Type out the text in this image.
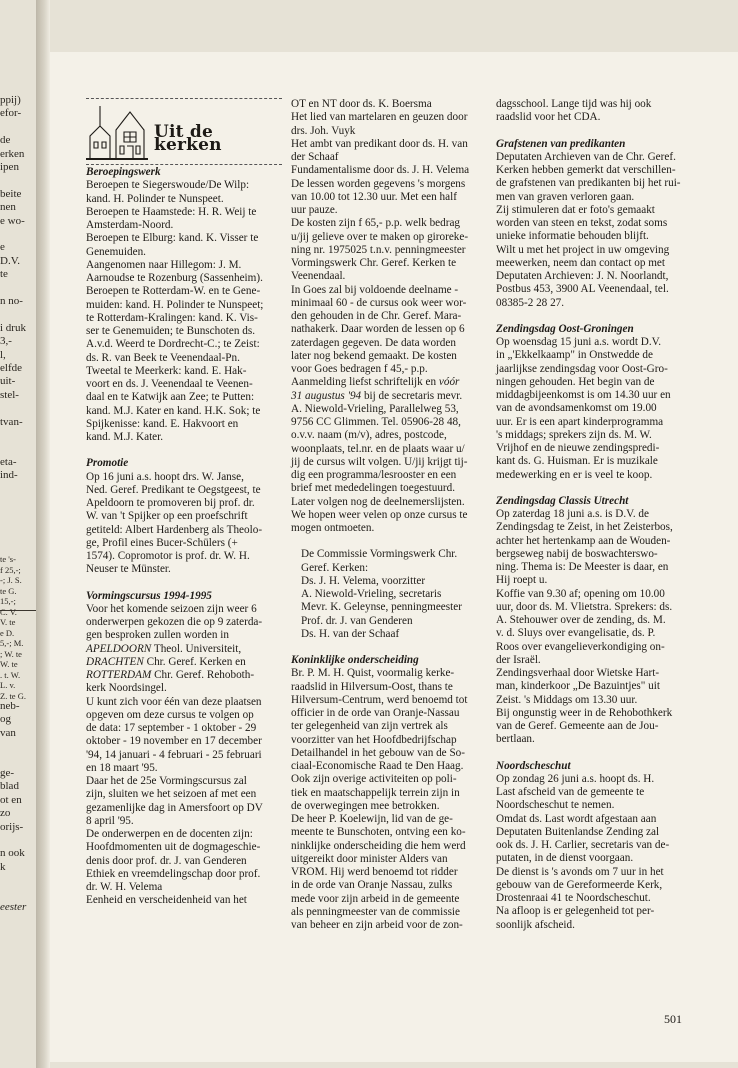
ppij)
efor-
de
erken
ipen
beite
nen
e wo-
e
D.V.
te
n no-
i druk
3,-
l,
elfde
uit-
stel-
tvan-
eta-
ind-
te 's-
f 25,-;
-; J. S.
te G.
15,-;
C. V.
V. te
e D.
5,-; M.
; W. te
W. te
. t. W.
L. v.
Z. te G.
neb-
og
van
ge-
blad
ot en
zo
orijs-
n ook
k
eester
Uit de kerken

Beroepingswerk

Beroepen te Siegerswoude/De Wilp:

kand. H. Polinder te Nunspeet.

Beroepen te Haamstede: H. R. Weij te

Amsterdam-Noord.

Beroepen te Elburg: kand. K. Visser te

Genemuiden.

Aangenomen naar Hillegom: J. M.

Aarnoudse te Rozenburg (Sassenheim).

Beroepen te Rotterdam-W. en te Gene-

muiden: kand. H. Polinder te Nunspeet;

te Rotterdam-Kralingen: kand. K. Vis-

ser te Genemuiden; te Bunschoten ds.

A.v.d. Weerd te Dordrecht-C.; te Zeist:

ds. R. van Beek te Veenendaal-Pn.

Tweetal te Meerkerk: kand. E. Hak-

voort en ds. J. Veenendaal te Veenen-

daal en te Katwijk aan Zee; te Putten:

kand. M.J. Kater en kand. H.K. Sok; te

Spijkenisse: kand. E. Hakvoort en

kand. M.J. Kater.

Promotie

Op 16 juni a.s. hoopt drs. W. Janse,

Ned. Geref. Predikant te Oegstgeest, te

Apeldoorn te promoveren bij prof. dr.

W. van 't Spijker op een proefschrift

getiteld: Albert Hardenberg als Theolo-

ge, Profil eines Bucer-Schülers (+

1574). Copromotor is prof. dr. W. H.

Neuser te Münster.

Vormingscursus 1994-1995

Voor het komende seizoen zijn weer 6

onderwerpen gekozen die op 9 zaterda-

gen besproken zullen worden in

APELDOORN Theol. Universiteit,

DRACHTEN Chr. Geref. Kerken en

ROTTERDAM Chr. Geref. Rehoboth-

kerk Noordsingel.

U kunt zich voor één van deze plaatsen

opgeven om deze cursus te volgen op

de data: 17 september - 1 oktober - 29

oktober - 19 november en 17 december

'94, 14 januari - 4 februari - 25 februari

en 18 maart '95.

Daar het de 25e Vormingscursus zal

zijn, sluiten we het seizoen af met een

gezamenlijke dag in Amersfoort op DV

8 april '95.

De onderwerpen en de docenten zijn:

Hoofdmomenten uit de dogmageschie-

denis door prof. dr. J. van Genderen

Ethiek en vreemdelingschap door prof.

dr. W. H. Velema

Eenheid en verscheidenheid van het

OT en NT door ds. K. Boersma

Het lied van martelaren en geuzen door

drs. Joh. Vuyk

Het ambt van predikant door ds. H. van

der Schaaf

Fundamentalisme door ds. J. H. Velema

De lessen worden gegevens 's morgens

van 10.00 tot 12.30 uur. Met een half

uur pauze.

De kosten zijn f 65,- p.p. welk bedrag

u/jij gelieve over te maken op giroreke-

ning nr. 1975025 t.n.v. penningmeester

Vormingswerk Chr. Geref. Kerken te

Veenendaal.

In Goes zal bij voldoende deelname -

minimaal 60 - de cursus ook weer wor-

den gehouden in de Chr. Geref. Mara-

nathakerk. Daar worden de lessen op 6

zaterdagen gegeven. De data worden

later nog bekend gemaakt. De kosten

voor Goes bedragen f 45,- p.p.

Aanmelding liefst schriftelijk en vóór

31 augustus '94 bij de secretaris mevr.

A. Niewold-Vrieling, Parallelweg 53,

9756 CC Glimmen. Tel. 05906-28 48,

o.v.v. naam (m/v), adres, postcode,

woonplaats, tel.nr. en de plaats waar u/

jij de cursus wilt volgen. U/jij krijgt tij-

dig een programma/lesrooster en een

brief met mededelingen toegestuurd.

Later volgen nog de deelnemerslijsten.

We hopen weer velen op onze cursus te

mogen ontmoeten.

De Commissie Vormingswerk Chr.

Geref. Kerken:

Ds. J. H. Velema, voorzitter

A. Niewold-Vrieling, secretaris

Mevr. K. Geleynse, penningmeester

Prof. dr. J. van Genderen

Ds. H. van der Schaaf

Koninklijke onderscheiding

Br. P. M. H. Quist, voormalig kerke-

raadslid in Hilversum-Oost, thans te

Hilversum-Centrum, werd benoemd tot

officier in de orde van Oranje-Nassau

ter gelegenheid van zijn vertrek als

voorzitter van het Hoofdbedrijfschap

Detailhandel in het gebouw van de So-

ciaal-Economische Raad te Den Haag.

Ook zijn overige activiteiten op poli-

tiek en maatschappelijk terrein zijn in

de overwegingen mee betrokken.

De heer P. Koelewijn, lid van de ge-

meente te Bunschoten, ontving een ko-

ninklijke onderscheiding die hem werd

uitgereikt door minister Alders van

VROM. Hij werd benoemd tot ridder

in de orde van Oranje Nassau, zulks

mede voor zijn arbeid in de gemeente

als penningmeester van de commissie

van beheer en zijn arbeid voor de zon-

dagsschool. Lange tijd was hij ook

raadslid voor het CDA.

Grafstenen van predikanten

Deputaten Archieven van de Chr. Geref.

Kerken hebben gemerkt dat verschillen-

de grafstenen van predikanten bij het rui-

men van graven verloren gaan.

Zij stimuleren dat er foto's gemaakt

worden van steen en tekst, zodat soms

unieke informatie behouden blijft.

Wilt u met het project in uw omgeving

meewerken, neem dan contact op met

Deputaten Archieven: J. N. Noorlandt,

Postbus 453, 3900 AL Veenendaal, tel.

08385-2 28 27.

Zendingsdag Oost-Groningen

Op woensdag 15 juni a.s. wordt D.V.

in „'Ekkelkaamp" in Onstwedde de

jaarlijkse zendingsdag voor Oost-Gro-

ningen gehouden. Het begin van de

middagbijeenkomst is om 14.30 uur en

van de avondsamenkomst om 19.00

uur. Er is een apart kinderprogramma

's middags; sprekers zijn ds. M. W.

Vrijhof en de nieuwe zendingspredi-

kant ds. G. Huisman. Er is muzikale

medewerking en er is veel te koop.

Zendingsdag Classis Utrecht

Op zaterdag 18 juni a.s. is D.V. de

Zendingsdag te Zeist, in het Zeisterbos,

achter het hertenkamp aan de Wouden-

bergseweg nabij de boswachterswo-

ning. Thema is: De Meester is daar, en

Hij roept u.

Koffie van 9.30 af; opening om 10.00

uur, door ds. M. Vlietstra. Sprekers: ds.

A. Stehouwer over de zending, ds. M.

v. d. Sluys over evangelisatie, ds. P.

Roos over evangelieverkondiging on-

der Israël.

Zendingsverhaal door Wietske Hart-

man, kinderkoor „De Bazuintjes" uit

Zeist. 's Middags om 13.30 uur.

Bij ongunstig weer in de Rehobothkerk

van de Geref. Gemeente aan de Jou-

bertlaan.

Noordscheschut

Op zondag 26 juni a.s. hoopt ds. H.

Last afscheid van de gemeente te

Noordscheschut te nemen.

Omdat ds. Last wordt afgestaan aan

Deputaten Buitenlandse Zending zal

ook ds. J. H. Carlier, secretaris van de-

putaten, in de dienst voorgaan.

De dienst is 's avonds om 7 uur in het

gebouw van de Gereformeerde Kerk,

Drostenraai 41 te Noordscheschut.

Na afloop is er gelegenheid tot per-

soonlijk afscheid.

501
